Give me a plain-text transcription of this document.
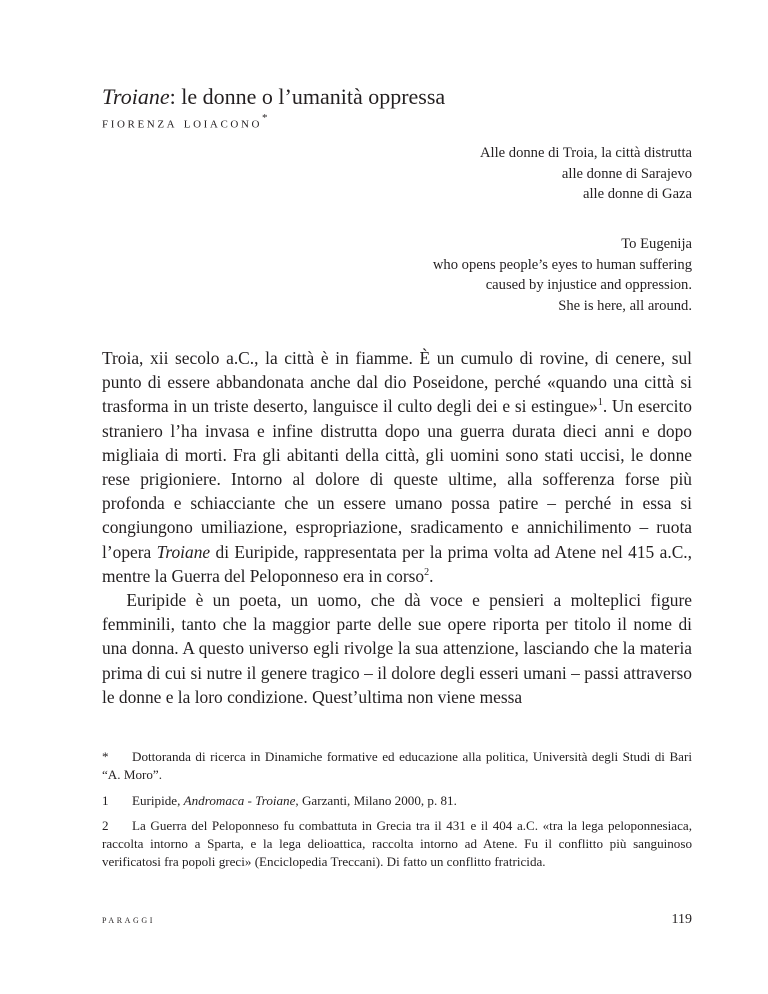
Troiane: le donne o l’umanità oppressa
fiorenza loiacono*
Alle donne di Troia, la città distrutta
alle donne di Sarajevo
alle donne di Gaza
To Eugenija
who opens people’s eyes to human suffering
caused by injustice and oppression.
She is here, all around.

Troia, xii secolo a.C., la città è in fiamme. È un cumulo di rovine, di cenere, sul punto di essere abbandonata anche dal dio Poseidone, perché «quando una città si trasforma in un triste deserto, languisce il culto degli dei e si estingue»$^1$. Un esercito straniero l’ha invasa e infine distrutta dopo una guerra durata dieci anni e dopo migliaia di morti. Fra gli abitanti della città, gli uomini sono stati uccisi, le donne rese prigioniere. Intorno al dolore di queste ultime, alla sofferenza forse più profonda e schiacciante che un essere umano possa patire – perché in essa si congiungono umiliazione, espropriazione, sradicamento e annichilimento – ruota l’opera Troiane di Euripide, rappresentata per la prima volta ad Atene nel 415 a.C., mentre la Guerra del Peloponneso era in corso$^2$.

Euripide è un poeta, un uomo, che dà voce e pensieri a molteplici figure femminili, tanto che la maggior parte delle sue opere riporta per titolo il nome di una donna. A questo universo egli rivolge la sua attenzione, lasciando che la materia prima di cui si nutre il genere tragico – il dolore degli esseri umani – passi attraverso le donne e la loro condizione. Quest’ultima non viene messa

* Dottoranda di ricerca in Dinamiche formative ed educazione alla politica, Università degli Studi di Bari “A. Moro”.

1 Euripide, Andromaca - Troiane, Garzanti, Milano 2000, p. 81.

2 La Guerra del Peloponneso fu combattuta in Grecia tra il 431 e il 404 a.C. «tra la lega peloponnesiaca, raccolta intorno a Sparta, e la lega delioattica, raccolta intorno ad Atene. Fu il conflitto più sanguinoso verificatosi fra popoli greci» (Enciclopedia Treccani). Di fatto un conflitto fratricida.

paraggi	119
